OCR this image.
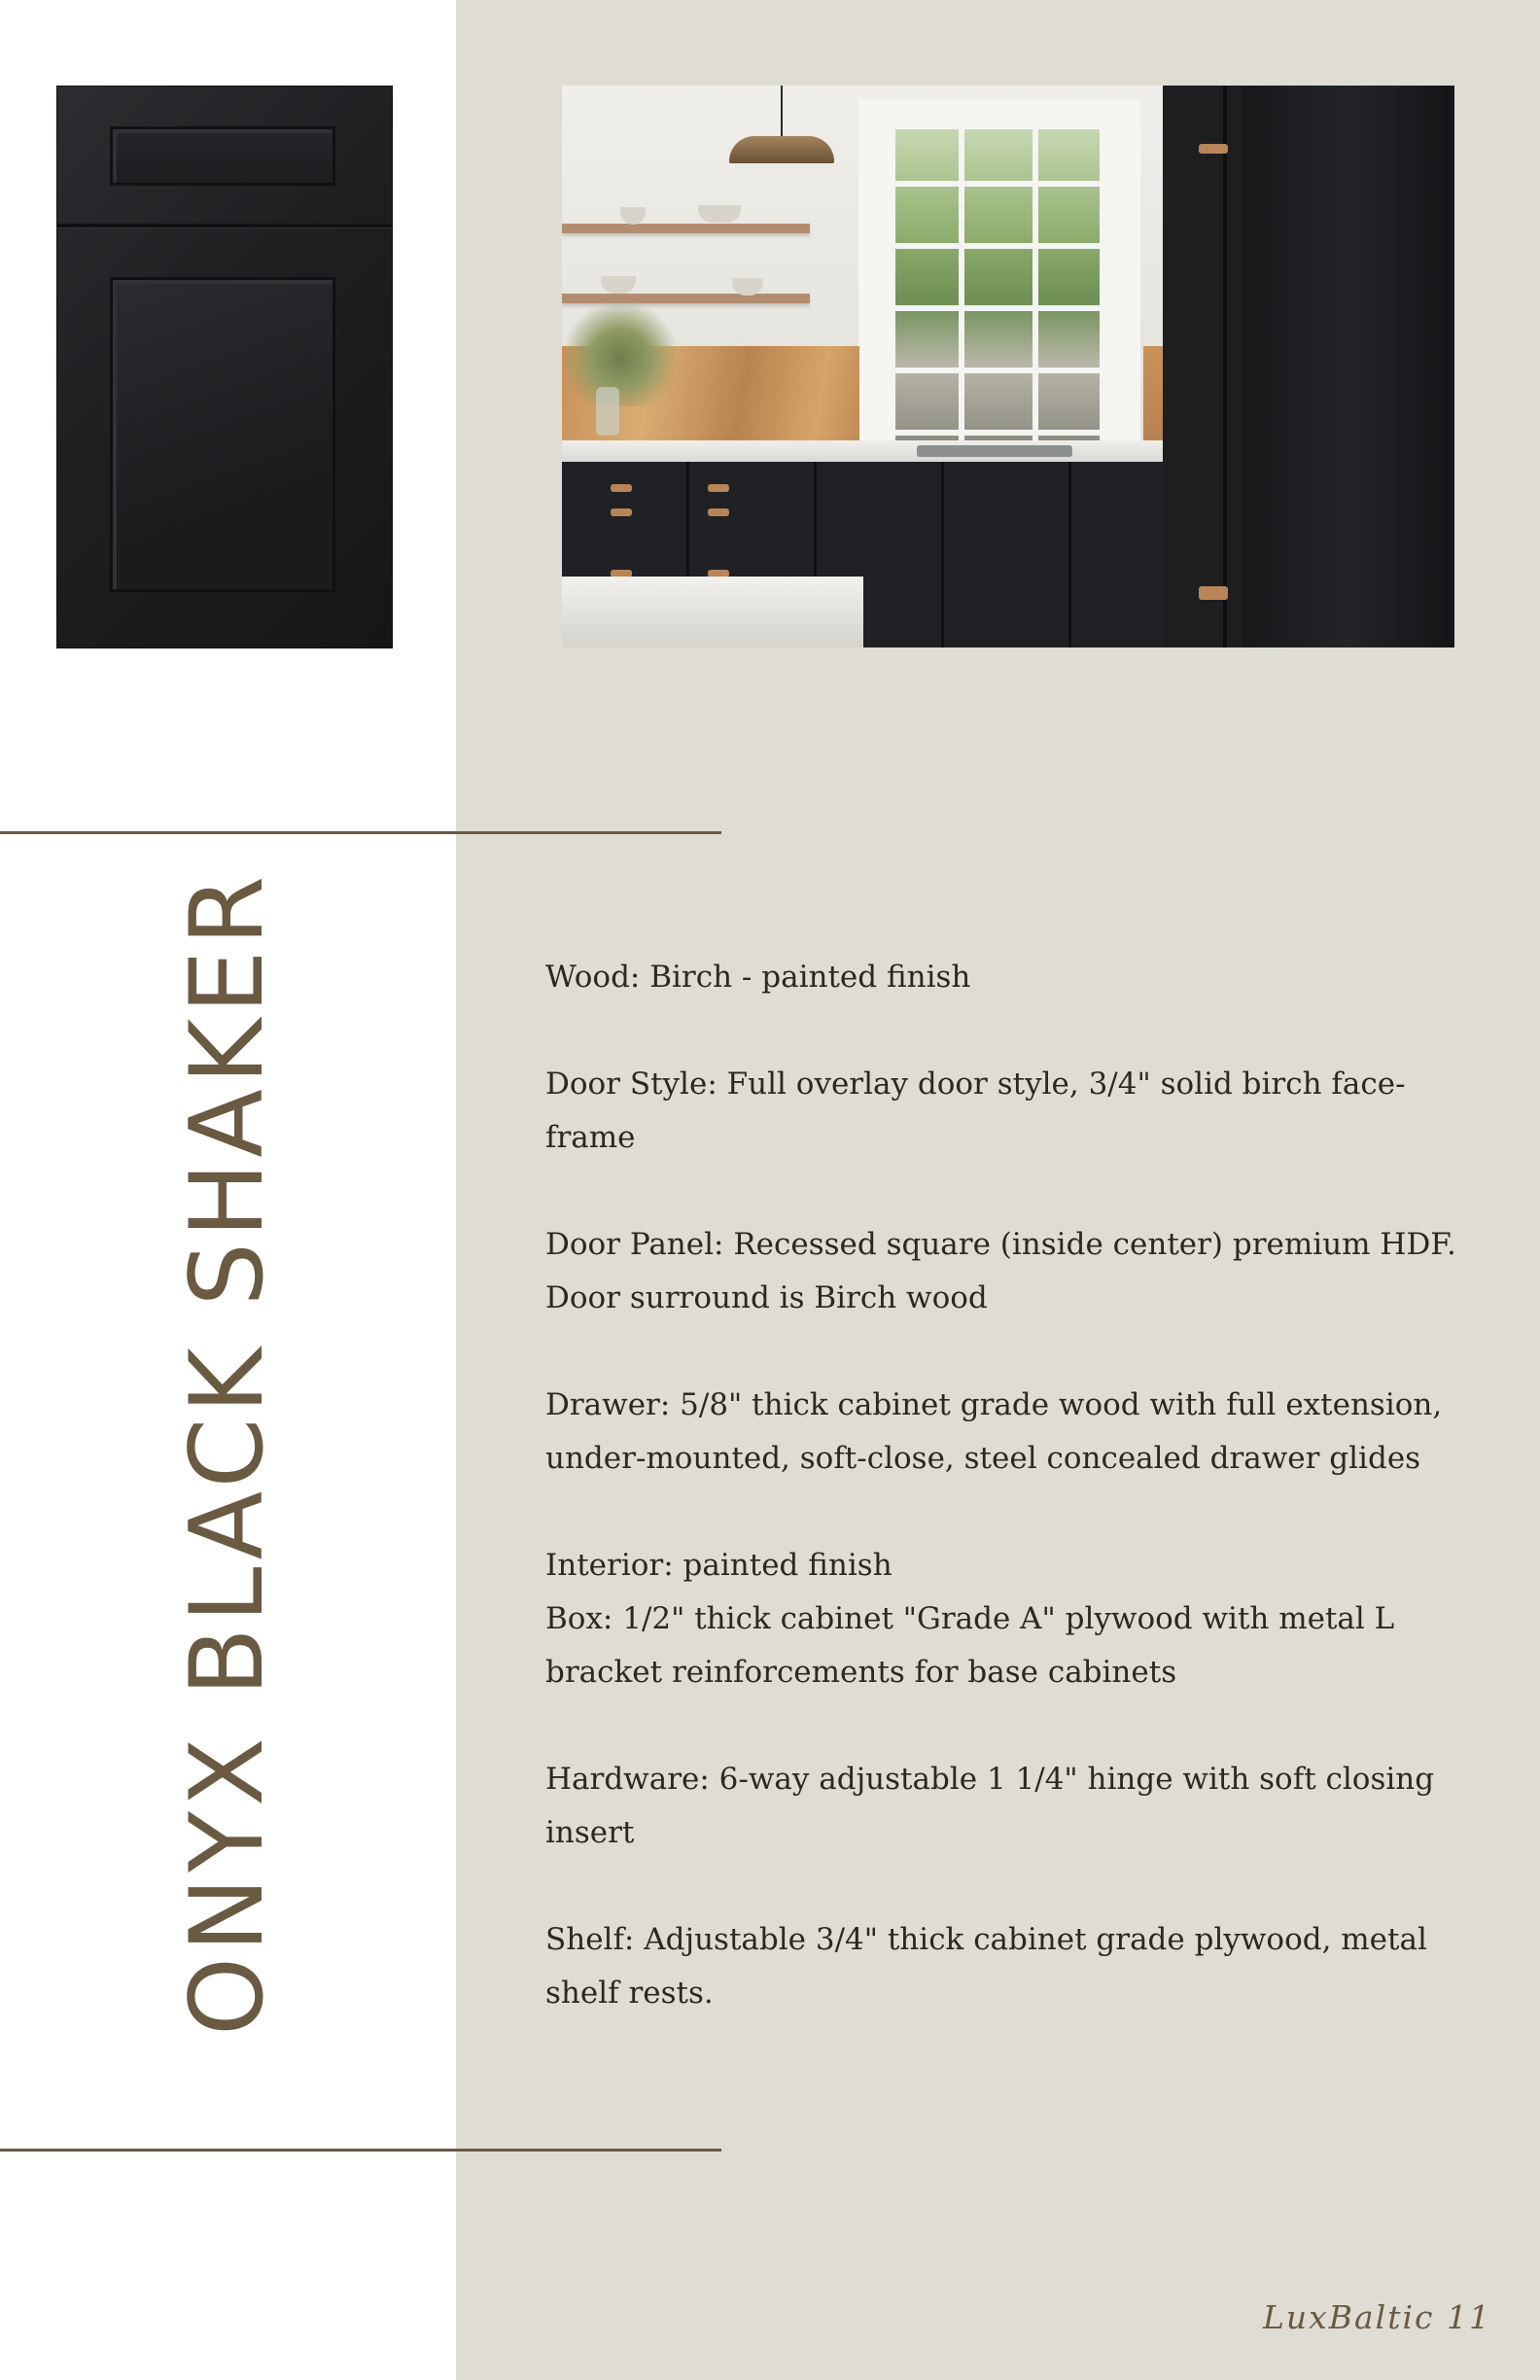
ONYX BLACK SHAKER	Wood: Birch - painted finish

Door Style: Full overlay door style, 3/4" solid birch face-

frame

Door Panel: Recessed square (inside center) premium HDF.

Door surround is Birch wood

Drawer: 5/8" thick cabinet grade wood with full extension,

under-mounted, soft-close, steel concealed drawer glides

Interior: painted finish

Box: 1/2" thick cabinet "Grade A" plywood with metal L

bracket reinforcements for base cabinets

Hardware: 6-way adjustable 1 1/4" hinge with soft closing

insert

Shelf: Adjustable 3/4" thick cabinet grade plywood, metal

shelf rests.

LuxBaltic 11
